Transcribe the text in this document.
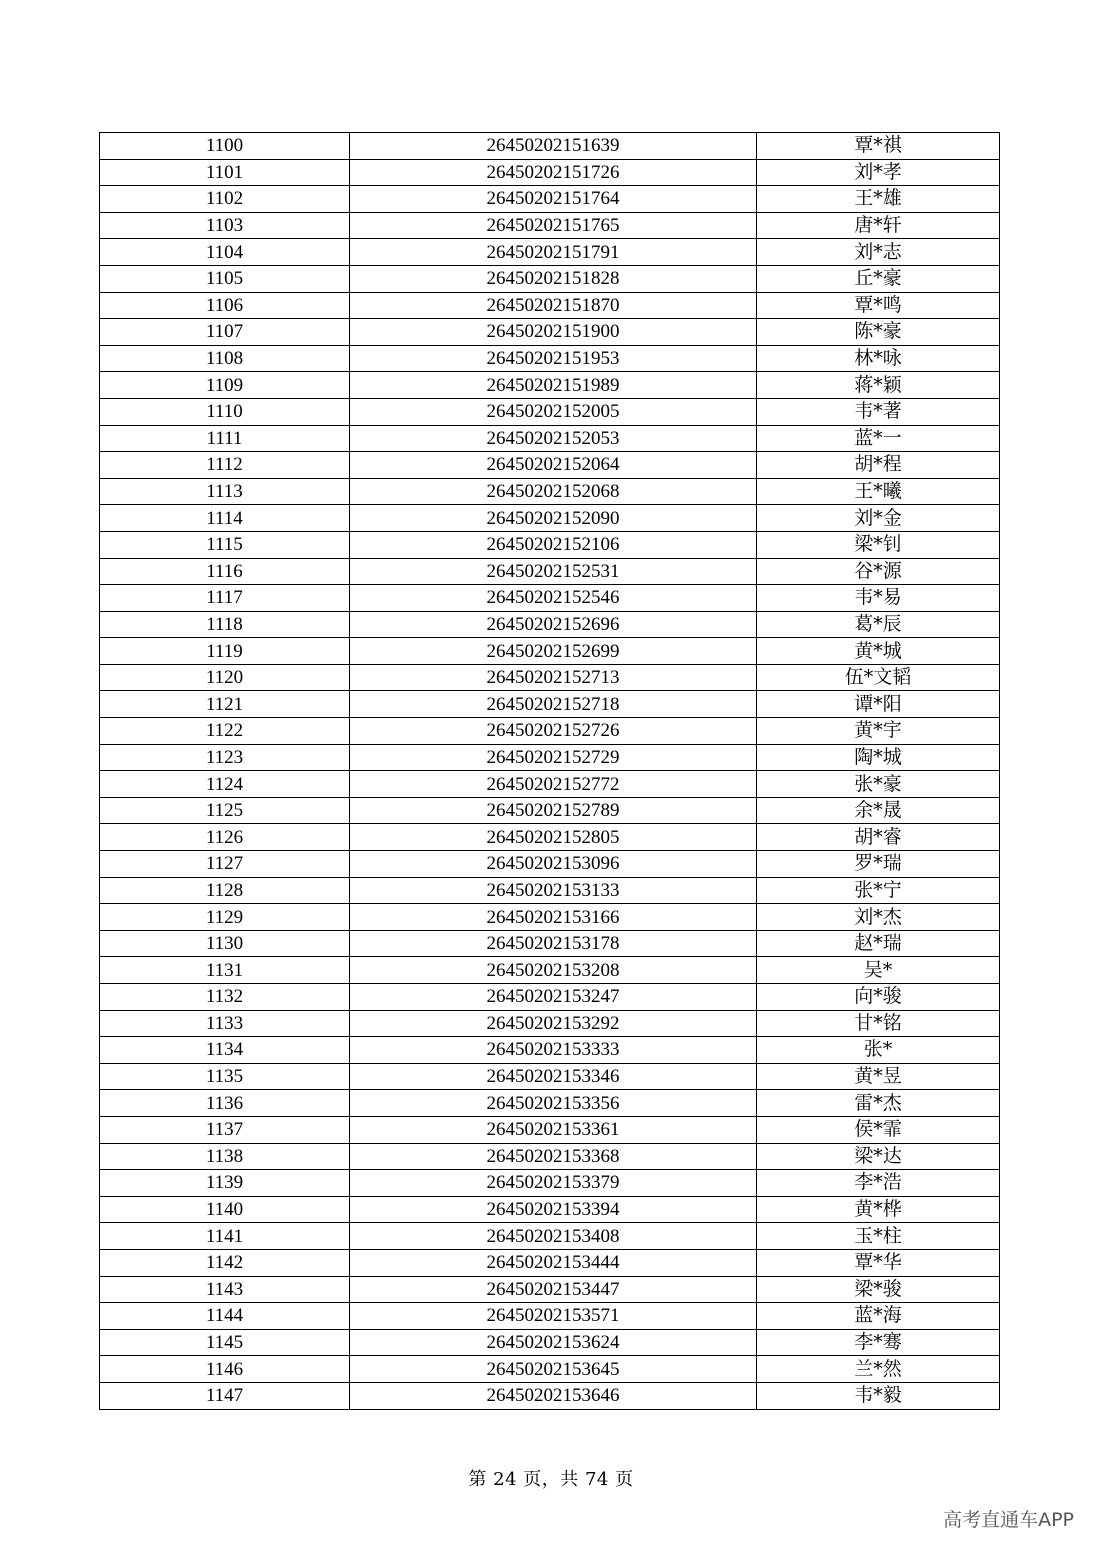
1100	26450202151639	覃*祺
1101	26450202151726	刘*孝
1102	26450202151764	王*雄
1103	26450202151765	唐*轩
1104	26450202151791	刘*志
1105	26450202151828	丘*豪
1106	26450202151870	覃*鸣
1107	26450202151900	陈*豪
1108	26450202151953	林*咏
1109	26450202151989	蒋*颖
1110	26450202152005	韦*著
1111	26450202152053	蓝*一
1112	26450202152064	胡*程
1113	26450202152068	王*曦
1114	26450202152090	刘*金
1115	26450202152106	梁*钊
1116	26450202152531	谷*源
1117	26450202152546	韦*易
1118	26450202152696	葛*辰
1119	26450202152699	黄*城
1120	26450202152713	伍*文韬
1121	26450202152718	谭*阳
1122	26450202152726	黄*宇
1123	26450202152729	陶*城
1124	26450202152772	张*豪
1125	26450202152789	余*晟
1126	26450202152805	胡*睿
1127	26450202153096	罗*瑞
1128	26450202153133	张*宁
1129	26450202153166	刘*杰
1130	26450202153178	赵*瑞
1131	26450202153208	吴*
1132	26450202153247	向*骏
1133	26450202153292	甘*铭
1134	26450202153333	张*
1135	26450202153346	黄*昱
1136	26450202153356	雷*杰
1137	26450202153361	侯*霏
1138	26450202153368	梁*达
1139	26450202153379	李*浩
1140	26450202153394	黄*桦
1141	26450202153408	玉*柱
1142	26450202153444	覃*华
1143	26450202153447	梁*骏
1144	26450202153571	蓝*海
1145	26450202153624	李*骞
1146	26450202153645	兰*然
1147	26450202153646	韦*毅
第 24 页，共 74 页
高考直通车APP
